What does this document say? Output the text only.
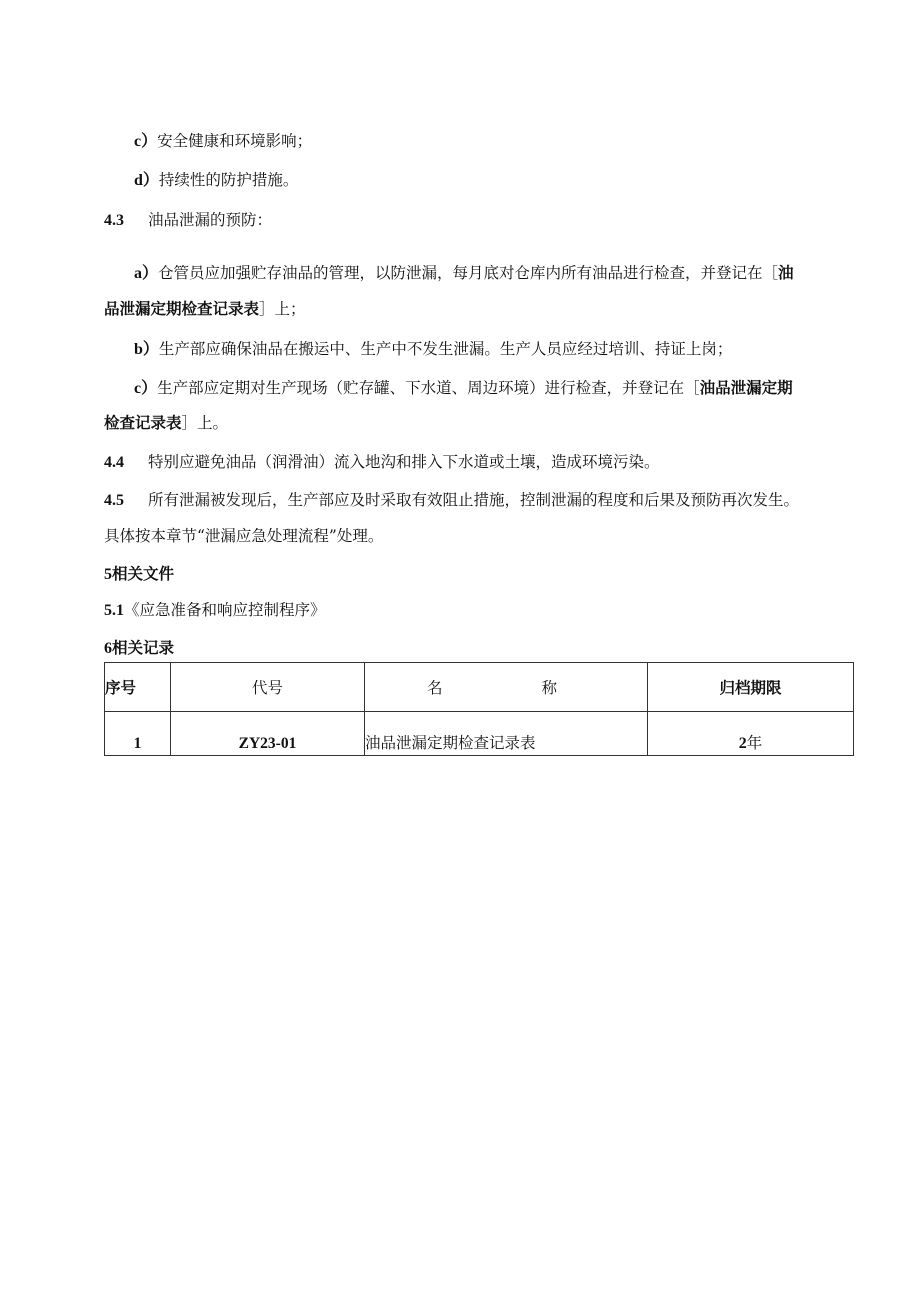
c）安全健康和环境影响；
d）持续性的防护措施。
4.3 油品泄漏的预防：
a）仓管员应加强贮存油品的管理，以防泄漏，每月底对仓库内所有油品进行检查，并登记在［油
品泄漏定期检查记录表］上；
b）生产部应确保油品在搬运中、生产中不发生泄漏。生产人员应经过培训、持证上岗；
c）生产部应定期对生产现场（贮存罐、下水道、周边环境）进行检查，并登记在［油品泄漏定期
检查记录表］上。
4.4 特别应避免油品（润滑油）流入地沟和排入下水道或土壤，造成环境污染。
4.5 所有泄漏被发现后，生产部应及时采取有效阻止措施，控制泄漏的程度和后果及预防再次发生。
具体按本章节“泄漏应急处理流程”处理。
5相关文件
5.1《应急准备和响应控制程序》
6相关记录
序号	代号	名 称	归档期限
1	ZY23-01	油品泄漏定期检查记录表	2年
